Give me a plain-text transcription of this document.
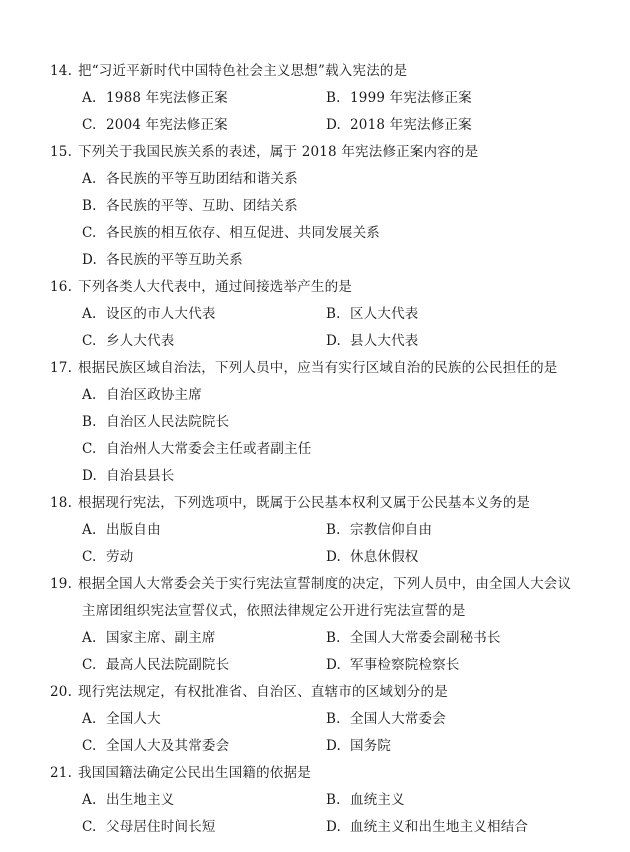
14. 把“习近平新时代中国特色社会主义思想”载入宪法的是
A. 1988 年宪法修正案	B. 1999 年宪法修正案
C. 2004 年宪法修正案	D. 2018 年宪法修正案
15. 下列关于我国民族关系的表述，属于 2018 年宪法修正案内容的是
A. 各民族的平等互助团结和谐关系
B. 各民族的平等、互助、团结关系
C. 各民族的相互依存、相互促进、共同发展关系
D. 各民族的平等互助关系
16. 下列各类人大代表中，通过间接选举产生的是
A. 设区的市人大代表	B. 区人大代表
C. 乡人大代表	D. 县人大代表
17. 根据民族区域自治法，下列人员中，应当有实行区域自治的民族的公民担任的是
A. 自治区政协主席
B. 自治区人民法院院长
C. 自治州人大常委会主任或者副主任
D. 自治县县长
18. 根据现行宪法，下列选项中，既属于公民基本权利又属于公民基本义务的是
A. 出版自由	B. 宗教信仰自由
C. 劳动	D. 休息休假权
19. 根据全国人大常委会关于实行宪法宣誓制度的决定，下列人员中，由全国人大会议
主席团组织宪法宣誓仪式，依照法律规定公开进行宪法宣誓的是
A. 国家主席、副主席	B. 全国人大常委会副秘书长
C. 最高人民法院副院长	D. 军事检察院检察长
20. 现行宪法规定，有权批准省、自治区、直辖市的区域划分的是
A. 全国人大	B. 全国人大常委会
C. 全国人大及其常委会	D. 国务院
21. 我国国籍法确定公民出生国籍的依据是
A. 出生地主义	B. 血统主义
C. 父母居住时间长短	D. 血统主义和出生地主义相结合
